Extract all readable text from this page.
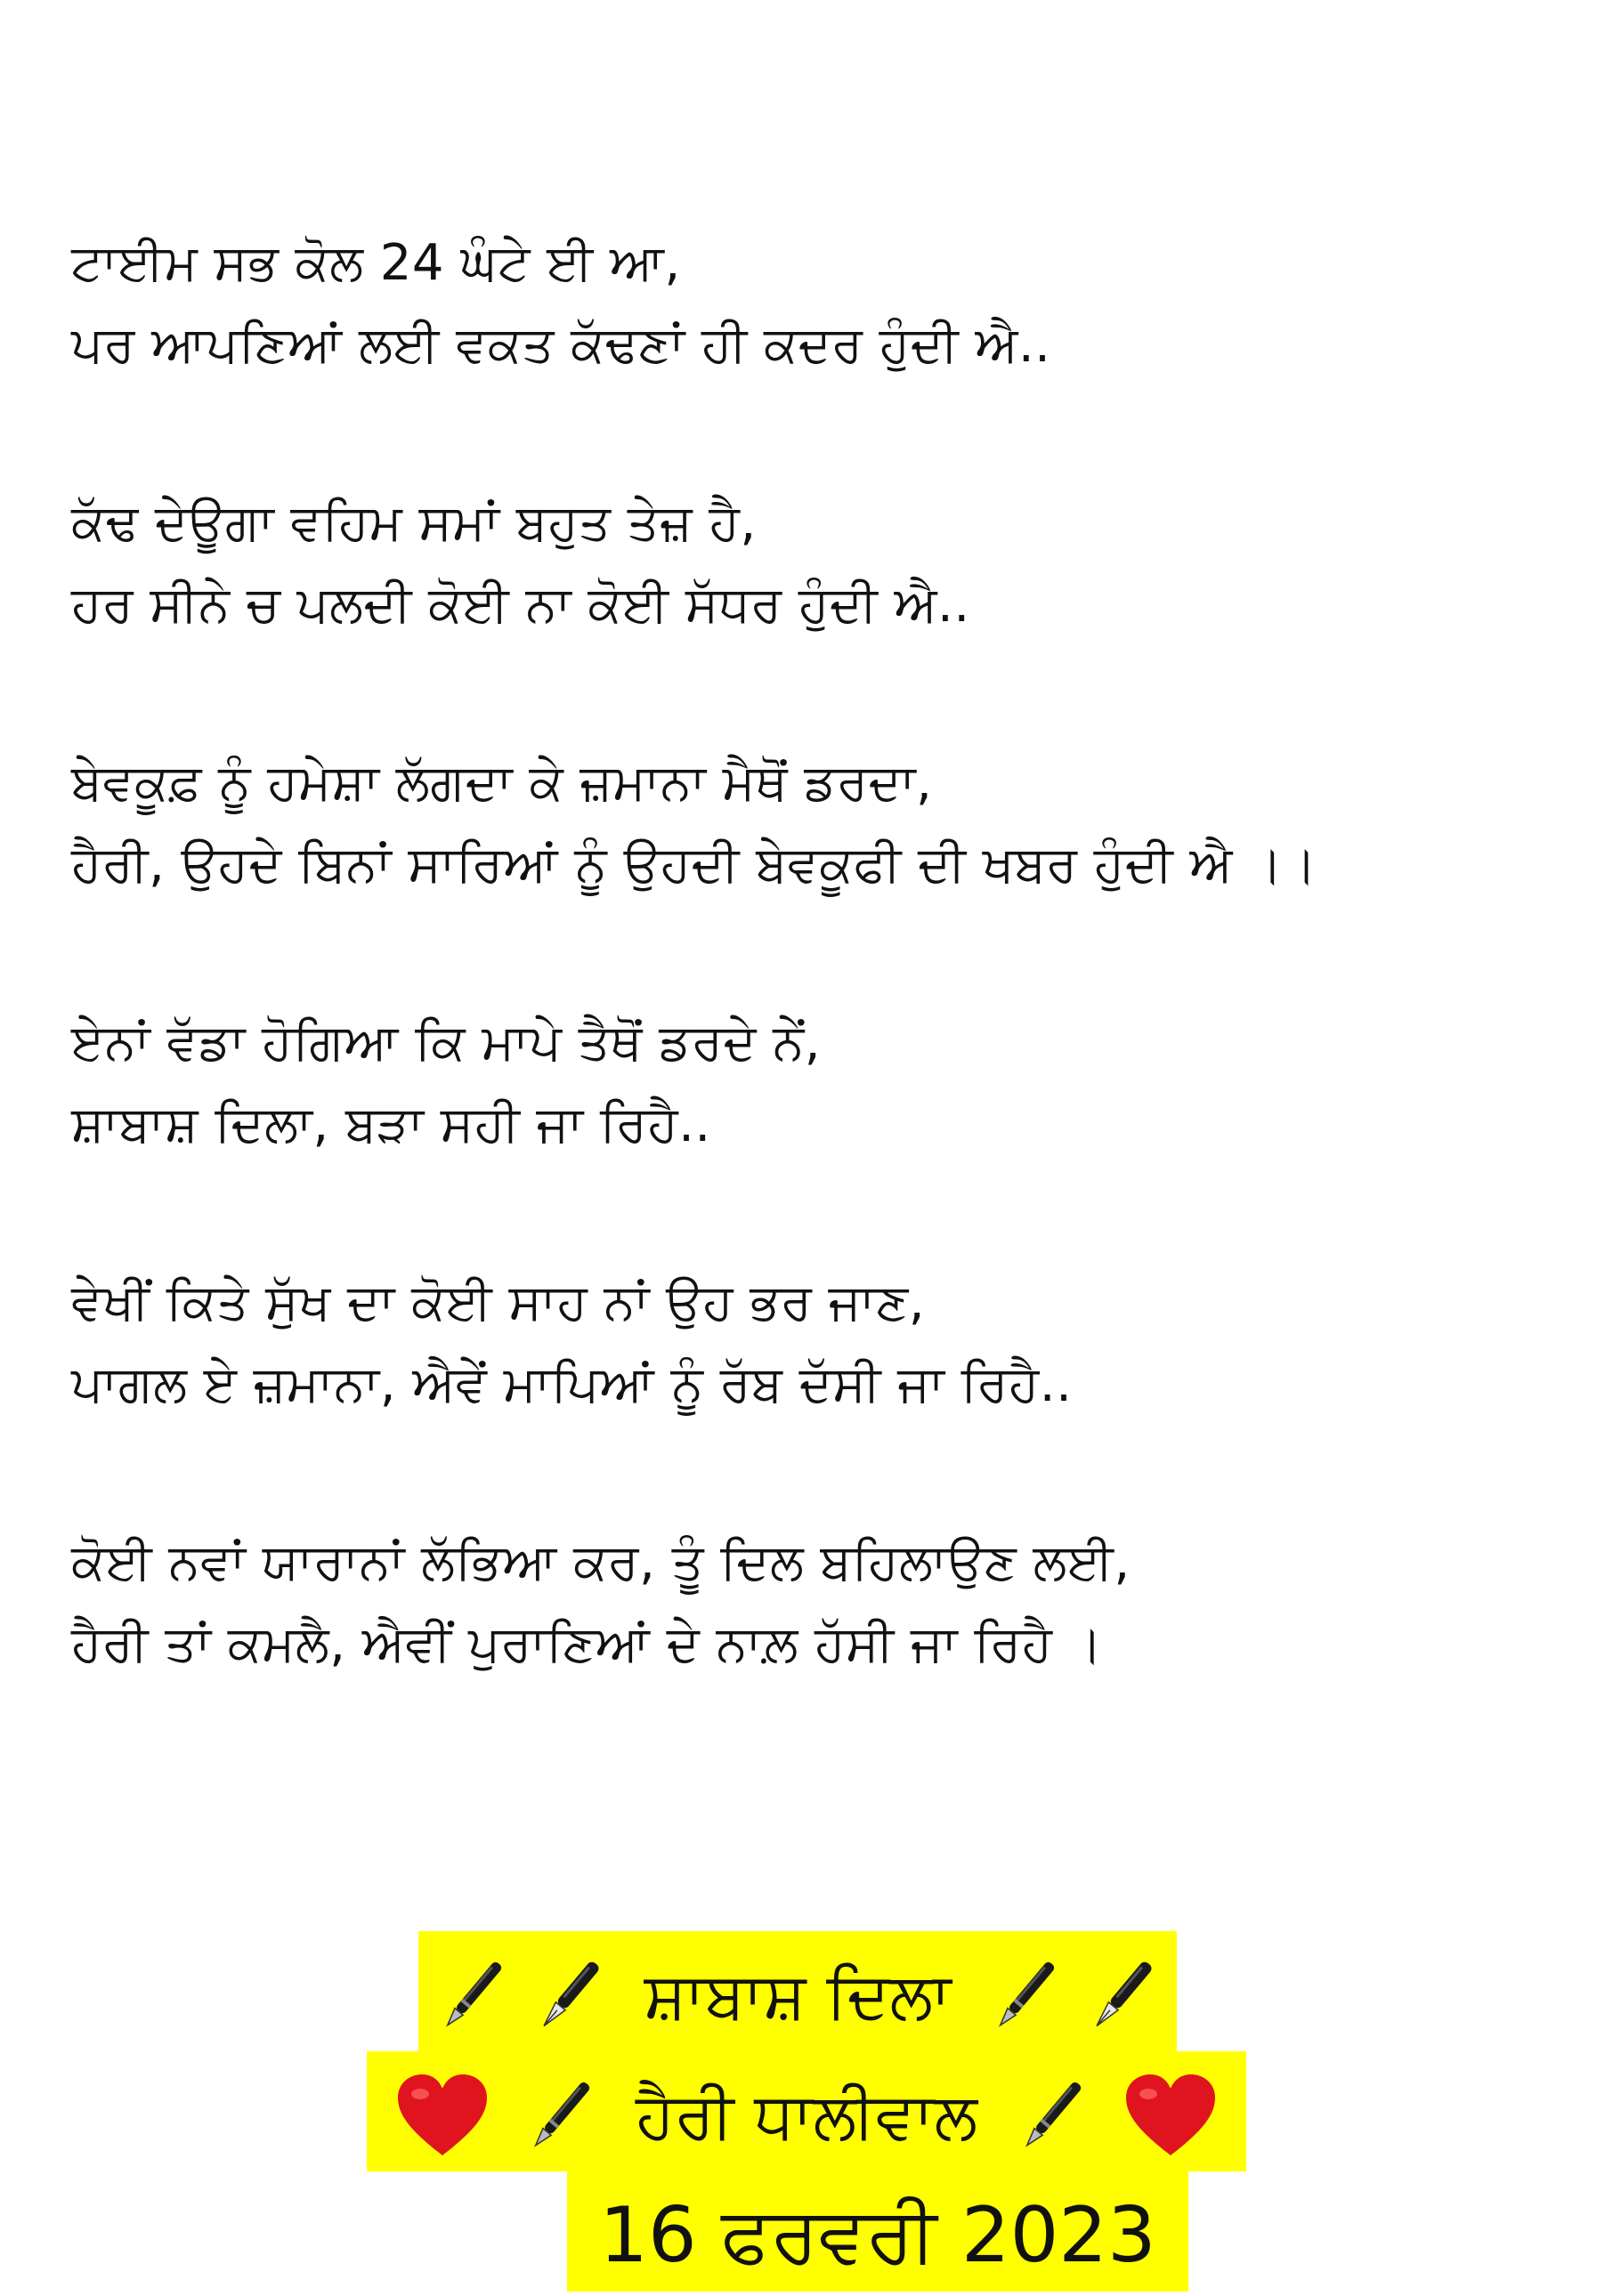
ਟਾਈਮ ਸਭ ਕੋਲ 24 ਘੰਟੇ ਈ ਆ,
ਪਰ ਆਪਣਿਆਂ ਲਈ ਵਕਤ ਕੱਢਣਾਂ ਹੀ ਕਦਰ ਹੁੰਦੀ ਐ..
ਕੱਢ ਦੇਊਗਾ ਵਹਿਮ ਸਮਾਂ ਬਹੁਤ ਤੇਜ਼ ਹੈ,
ਹਰ ਸੀਨੇ ਚ ਪਲਦੀ ਕੋਈ ਨਾ ਕੋਈ ਸੱਧਰ ਹੁੰਦੀ ਐ..
ਬੇਵਕੂਫ਼ ਨੂੰ ਹਮੇਸ਼ਾ ਲੱਗਦਾ ਕੇ ਜ਼ਮਾਨਾ ਮੈਥੋਂ ਡਰਦਾ,
ਹੈਰੀ, ਉਹਦੇ ਬਿਨਾਂ ਸਾਰਿਆਂ ਨੂੰ ਉਹਦੀ ਬੇਵਕੂਫੀ ਦੀ ਖਬਰ ਹੁੰਦੀ ਐ ।।
ਏਨਾਂ ਵੱਡਾ ਹੋਗਿਆ ਕਿ ਮਾਪੇ ਤੈਥੋਂ ਡਰਦੇ ਨੇਂ,
ਸ਼ਾਬਾਸ਼ ਦਿਲਾ, ਬੜਾ ਸਹੀ ਜਾ ਰਿਹੈ..
ਵੇਖੀਂ ਕਿਤੇ ਸੁੱਖ ਦਾ ਕੋਈ ਸਾਹ ਨਾਂ ਉਹ ਭਰ ਜਾਣ,
ਪਾਗਲ ਏ ਜ਼ਮਾਨਾ, ਐਵੇਂ ਮਾਪਿਆਂ ਨੂੰ ਰੱਬ ਦੱਸੀ ਜਾ ਰਿਹੈ..
ਕੋਈ ਨਵਾਂ ਯਾਰਾਨਾਂ ਲੱਭਿਆ ਕਰ, ਤੂੰ ਦਿਲ ਬਹਿਲਾਉਣ ਲਈ,
ਹੈਰੀ ਤਾਂ ਕਮਲੈ, ਐਵੀਂ ਪੁਰਾਣਿਆਂ ਦੇ ਨਾਲ਼ ਹੱਸੀ ਜਾ ਰਿਹੈ ।
ਸ਼ਾਬਾਸ਼ ਦਿਲਾ
ਹੈਰੀ ਧਾਲੀਵਾਲ
16 ਫਰਵਰੀ 2023
